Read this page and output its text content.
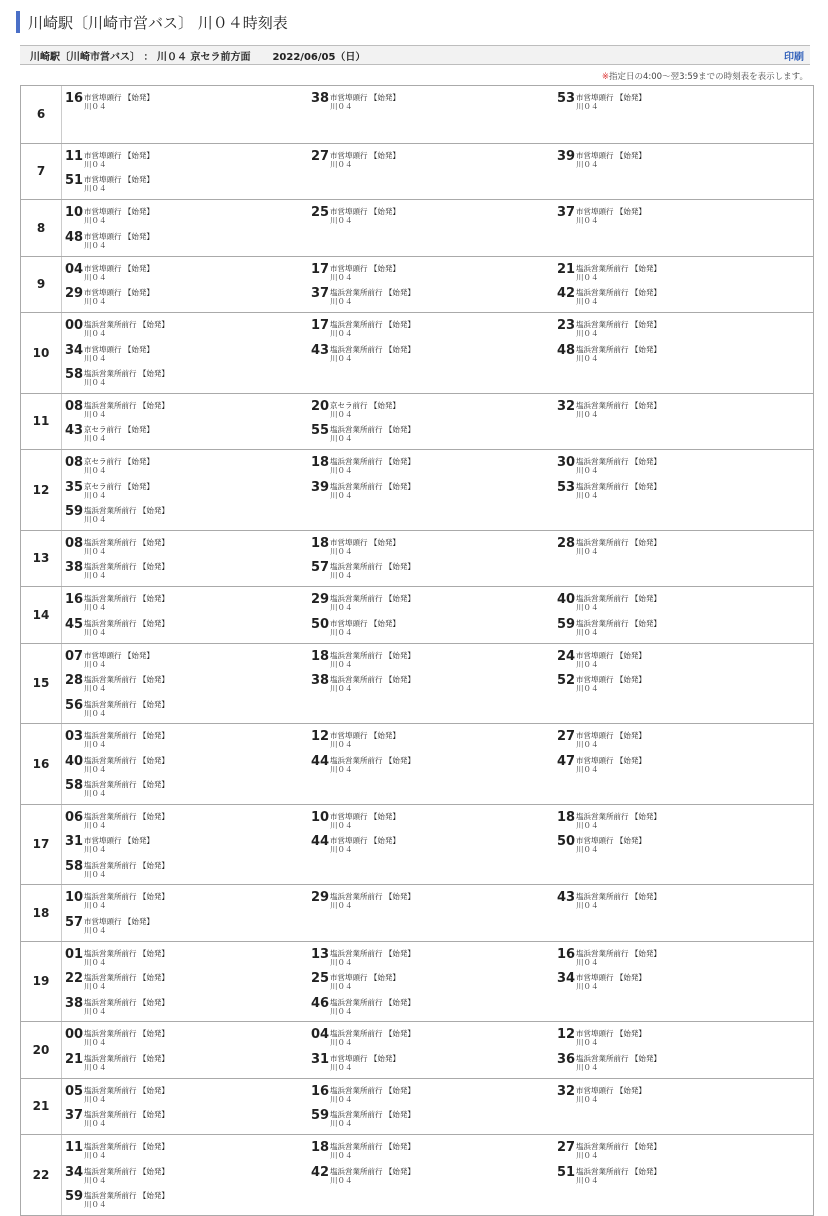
川崎駅〔川崎市営バス〕 川０４時刻表
川崎駅〔川崎市営バス〕 ： 川０４ 京セラ前方面 2022/06/05（日）	印刷
※指定日の4:00〜翌3:59までの時刻表を表示します。
6
16 市営埠頭行 【始発】
川０４
38 市営埠頭行 【始発】
川０４
53 市営埠頭行 【始発】
川０４
7
11 市営埠頭行 【始発】
川０４
27 市営埠頭行 【始発】
川０４
39 市営埠頭行 【始発】
川０４
51 市営埠頭行 【始発】
川０４
8
10 市営埠頭行 【始発】
川０４
25 市営埠頭行 【始発】
川０４
37 市営埠頭行 【始発】
川０４
48 市営埠頭行 【始発】
川０４
9
04 市営埠頭行 【始発】
川０４
17 市営埠頭行 【始発】
川０４
21 塩浜営業所前行 【始発】
川０４
29 市営埠頭行 【始発】
川０４
37 塩浜営業所前行 【始発】
川０４
42 塩浜営業所前行 【始発】
川０４
10
00 塩浜営業所前行 【始発】
川０４
17 塩浜営業所前行 【始発】
川０４
23 塩浜営業所前行 【始発】
川０４
34 市営埠頭行 【始発】
川０４
43 塩浜営業所前行 【始発】
川０４
48 塩浜営業所前行 【始発】
川０４
58 塩浜営業所前行 【始発】
川０４
11
08 塩浜営業所前行 【始発】
川０４
20 京セラ前行 【始発】
川０４
32 塩浜営業所前行 【始発】
川０４
43 京セラ前行 【始発】
川０４
55 塩浜営業所前行 【始発】
川０４
12
08 京セラ前行 【始発】
川０４
18 塩浜営業所前行 【始発】
川０４
30 塩浜営業所前行 【始発】
川０４
35 京セラ前行 【始発】
川０４
39 塩浜営業所前行 【始発】
川０４
53 塩浜営業所前行 【始発】
川０４
59 塩浜営業所前行 【始発】
川０４
13
08 塩浜営業所前行 【始発】
川０４
18 市営埠頭行 【始発】
川０４
28 塩浜営業所前行 【始発】
川０４
38 塩浜営業所前行 【始発】
川０４
57 塩浜営業所前行 【始発】
川０４
14
16 塩浜営業所前行 【始発】
川０４
29 塩浜営業所前行 【始発】
川０４
40 塩浜営業所前行 【始発】
川０４
45 塩浜営業所前行 【始発】
川０４
50 市営埠頭行 【始発】
川０４
59 塩浜営業所前行 【始発】
川０４
15
07 市営埠頭行 【始発】
川０４
18 塩浜営業所前行 【始発】
川０４
24 市営埠頭行 【始発】
川０４
28 塩浜営業所前行 【始発】
川０４
38 塩浜営業所前行 【始発】
川０４
52 市営埠頭行 【始発】
川０４
56 塩浜営業所前行 【始発】
川０４
16
03 塩浜営業所前行 【始発】
川０４
12 市営埠頭行 【始発】
川０４
27 市営埠頭行 【始発】
川０４
40 塩浜営業所前行 【始発】
川０４
44 塩浜営業所前行 【始発】
川０４
47 市営埠頭行 【始発】
川０４
58 塩浜営業所前行 【始発】
川０４
17
06 塩浜営業所前行 【始発】
川０４
10 市営埠頭行 【始発】
川０４
18 塩浜営業所前行 【始発】
川０４
31 市営埠頭行 【始発】
川０４
44 市営埠頭行 【始発】
川０４
50 市営埠頭行 【始発】
川０４
58 塩浜営業所前行 【始発】
川０４
18
10 塩浜営業所前行 【始発】
川０４
29 塩浜営業所前行 【始発】
川０４
43 塩浜営業所前行 【始発】
川０４
57 市営埠頭行 【始発】
川０４
19
01 塩浜営業所前行 【始発】
川０４
13 塩浜営業所前行 【始発】
川０４
16 塩浜営業所前行 【始発】
川０４
22 塩浜営業所前行 【始発】
川０４
25 市営埠頭行 【始発】
川０４
34 市営埠頭行 【始発】
川０４
38 塩浜営業所前行 【始発】
川０４
46 塩浜営業所前行 【始発】
川０４
20
00 塩浜営業所前行 【始発】
川０４
04 塩浜営業所前行 【始発】
川０４
12 市営埠頭行 【始発】
川０４
21 塩浜営業所前行 【始発】
川０４
31 市営埠頭行 【始発】
川０４
36 塩浜営業所前行 【始発】
川０４
21
05 塩浜営業所前行 【始発】
川０４
16 塩浜営業所前行 【始発】
川０４
32 市営埠頭行 【始発】
川０４
37 塩浜営業所前行 【始発】
川０４
59 塩浜営業所前行 【始発】
川０４
22
11 塩浜営業所前行 【始発】
川０４
18 塩浜営業所前行 【始発】
川０４
27 塩浜営業所前行 【始発】
川０４
34 塩浜営業所前行 【始発】
川０４
42 塩浜営業所前行 【始発】
川０４
51 塩浜営業所前行 【始発】
川０４
59 塩浜営業所前行 【始発】
川０４
